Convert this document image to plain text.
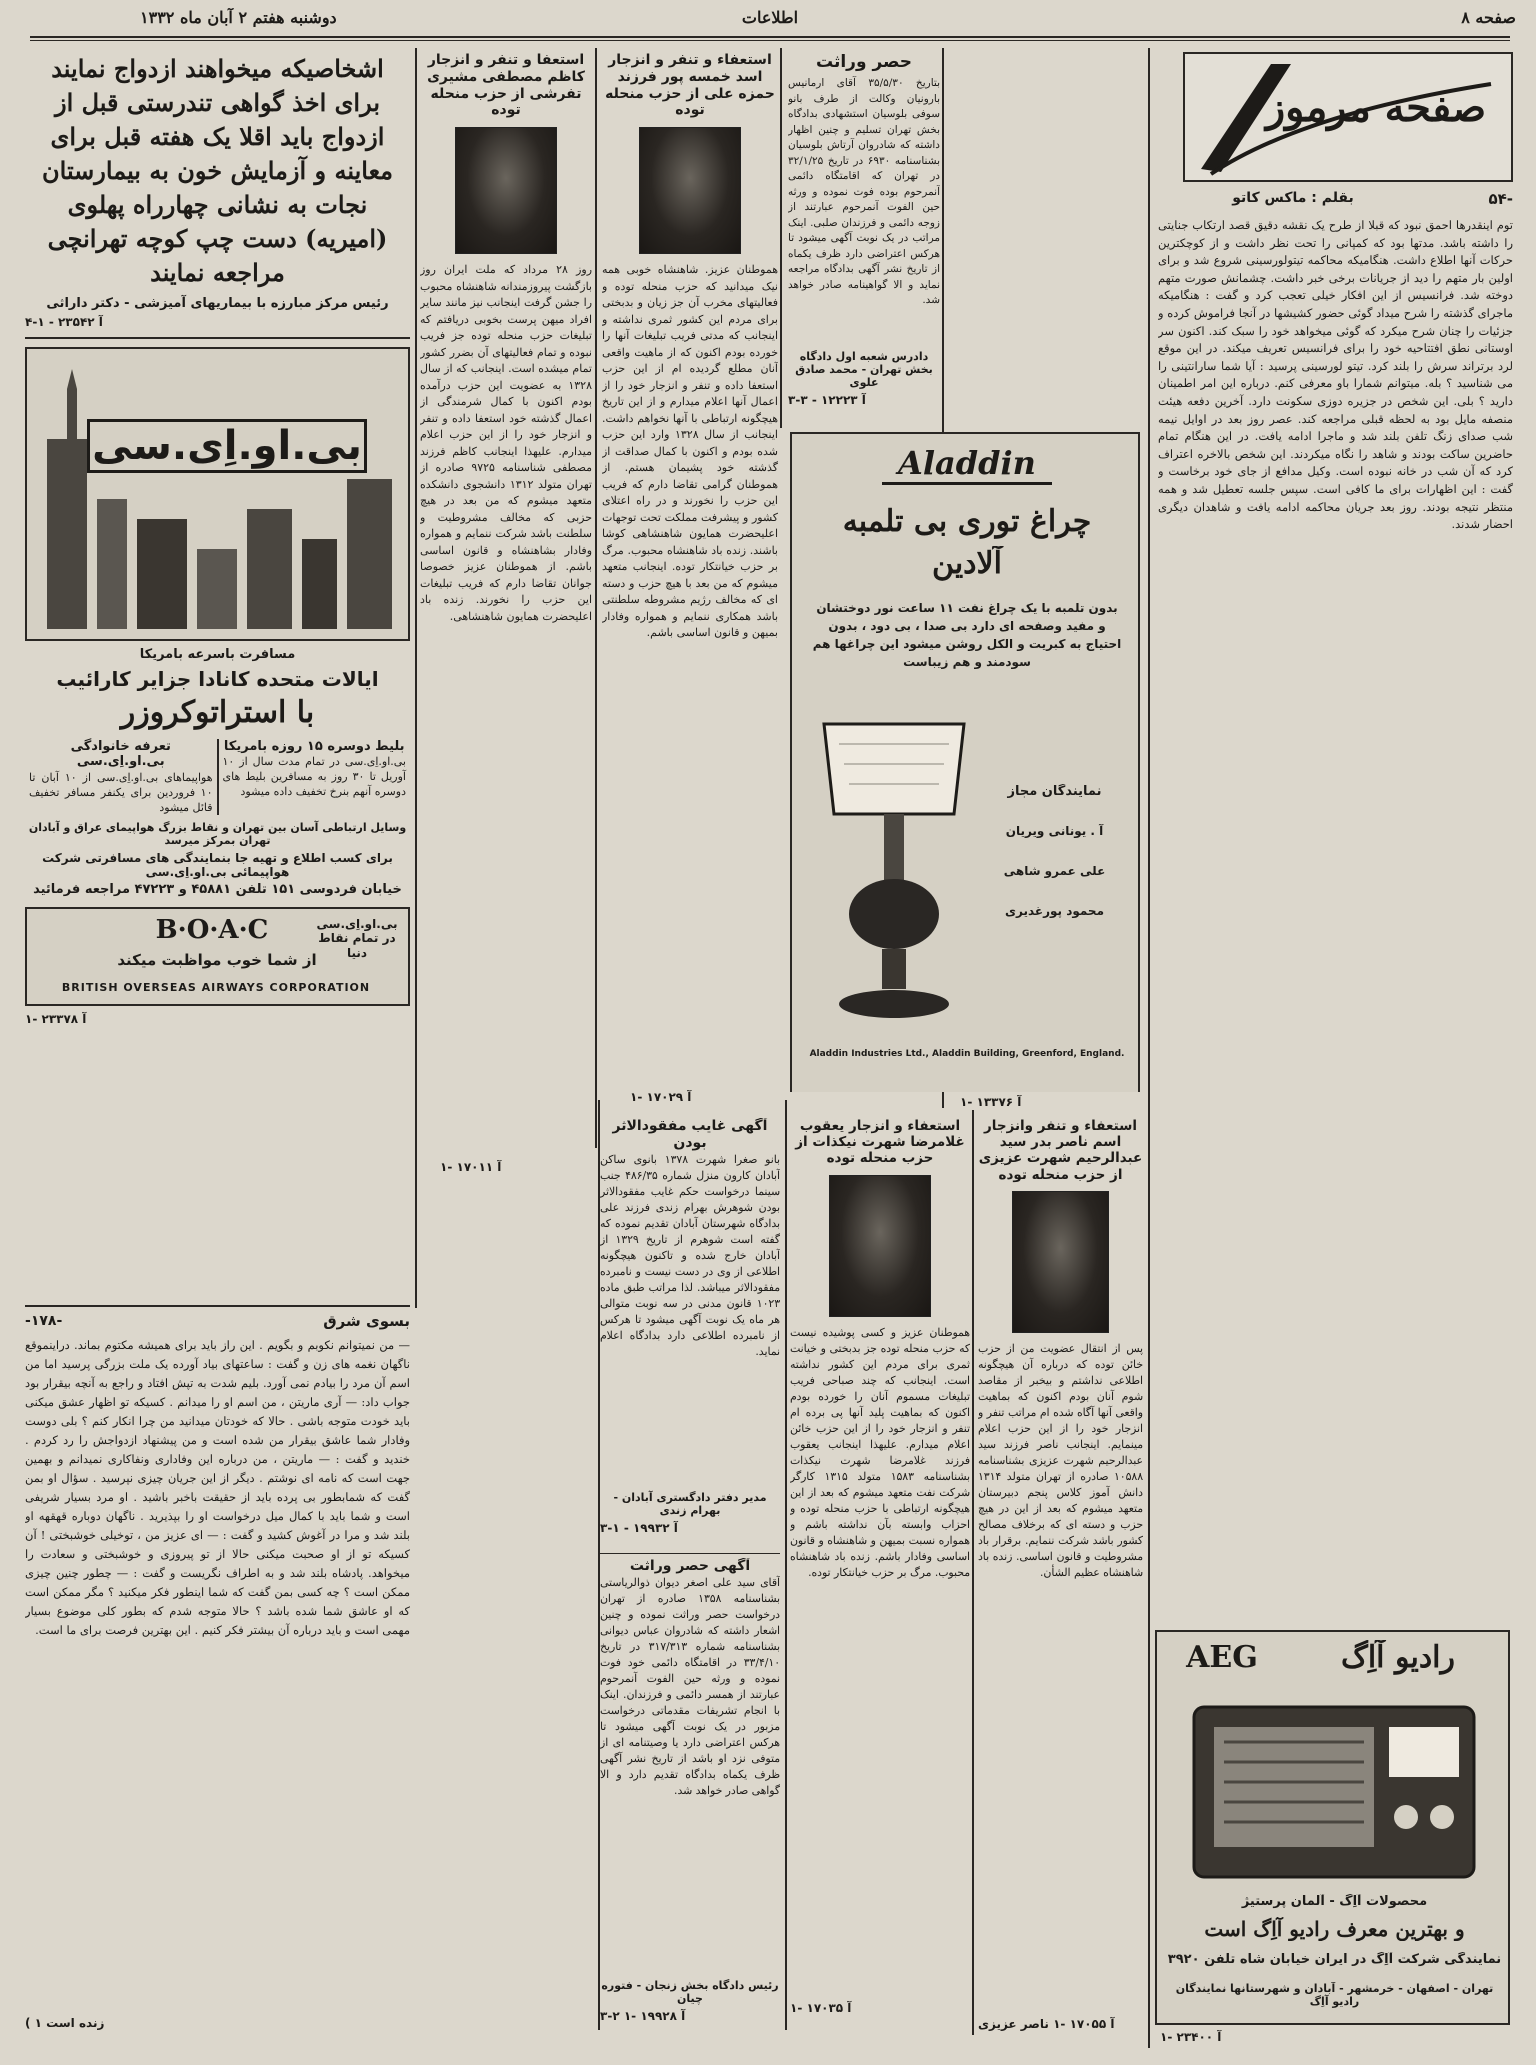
صفحه ۸
اطلاعات
دوشنبه هفتم ۲ آبان ماه ۱۳۳۲
صفحه مرموز
-۵۴
بقلم : ماکس کاتو
توم اینقدرها احمق نبود که قبلا از طرح یک نقشه دقیق قصد ارتکاب جنایتی را داشته باشد. مدتها بود که کمپانی را تحت نظر داشت و از کوچکترین حرکات آنها اطلاع داشت. هنگامیکه محاکمه تیتولورسینی شروع شد و برای اولین بار متهم را دید از جریانات برخی خبر داشت. چشمانش صورت متهم دوخته شد. فرانسیس از این افکار خیلی تعجب کرد و گفت : هنگامیکه ماجرای گذشته را شرح میداد گوئی حضور کشیشها در آنجا فراموش کرده و جزئیات را چنان شرح میکرد که گوئی میخواهد خود را سبک کند. اکنون سر اوستانی نطق افتتاحیه خود را برای فرانسیس تعریف میکند. در این موقع لرد برتراند سرش را بلند کرد. تیتو لورسینی پرسید : آیا شما سارانتینی را می شناسید ؟ بله. میتوانم شمارا باو معرفی کنم. درباره این امر اطمینان دارید ؟ بلی. این شخص در جزیره دوزی سکونت دارد. آخرین دفعه هیئت منصفه مایل بود به لحظه قبلی مراجعه کند. عصر روز بعد در اوایل نیمه شب صدای زنگ تلفن بلند شد و ماجرا ادامه یافت. در این هنگام تمام حاضرین ساکت بودند و شاهد را نگاه میکردند. این شخص بالاخره اعتراف کرد که آن شب در خانه نبوده است. وکیل مدافع از جای خود برخاست و گفت : این اظهارات برای ما کافی است. سپس جلسه تعطیل شد و همه منتظر نتیجه بودند. روز بعد جریان محاکمه ادامه یافت و شاهدان دیگری احضار شدند.
حصر وراثت
بتاریخ ۳۵/۵/۳۰ آقای ارمانیس بارونیان وکالت از طرف بانو سوفی بلوسیان استشهادی بدادگاه بخش تهران تسلیم و چنین اظهار داشته که شادروان آرتاش بلوسیان بشناسنامه ۶۹۳۰ در تاریخ ۳۲/۱/۲۵ در تهران که اقامتگاه دائمی آنمرحوم بوده فوت نموده و ورثه حین الفوت آنمرحوم عبارتند از زوجه دائمی و فرزندان صلبی. اینک مراتب در یک نوبت آگهی میشود تا هرکس اعتراضی دارد ظرف یکماه از تاریخ نشر آگهی بدادگاه مراجعه نماید و الا گواهینامه صادر خواهد شد.
دادرس شعبه اول دادگاه بخش تهران - محمد صادق علوی
آ ۱۲۲۲۳ - ۳-۳
استعفاء و تنفر و انزجار اسد خمسه پور فرزند حمزه علی از حزب منحله توده
هموطنان عزیز. شاهنشاه خوبی همه نیک میدانید که حزب منحله توده و فعالیتهای مخرب آن جز زیان و بدبختی برای مردم این کشور ثمری نداشته و اینجانب که مدتی فریب تبلیغات آنها را خورده بودم اکنون که از ماهیت واقعی آنان مطلع گردیده ام از این حزب استعفا داده و تنفر و انزجار خود را از اعمال آنها اعلام میدارم و از این تاریخ هیچگونه ارتباطی با آنها نخواهم داشت. اینجانب از سال ۱۳۲۸ وارد این حزب شده بودم و اکنون با کمال صداقت از گذشته خود پشیمان هستم. از هموطنان گرامی تقاضا دارم که فریب این حزب را نخورند و در راه اعتلای کشور و پیشرفت مملکت تحت توجهات اعلیحضرت همایون شاهنشاهی کوشا باشند. زنده باد شاهنشاه محبوب. مرگ بر حزب خیانتکار توده. اینجانب متعهد میشوم که من بعد با هیچ حزب و دسته ای که مخالف رژیم مشروطه سلطنتی باشد همکاری ننمایم و همواره وفادار بمیهن و قانون اساسی باشم.
آ ۱۷۰۲۹ -۱
استعفا و تنفر و انزجار کاظم مصطفی مشیری تفرشی از حزب منحله توده
روز ۲۸ مرداد که ملت ایران روز بازگشت پیروزمندانه شاهنشاه محبوب را جشن گرفت اینجانب نیز مانند سایر افراد میهن پرست بخوبی دریافتم که تبلیغات حزب منحله توده جز فریب نبوده و تمام فعالیتهای آن بضرر کشور تمام میشده است. اینجانب که از سال ۱۳۲۸ به عضویت این حزب درآمده بودم اکنون با کمال شرمندگی از اعمال گذشته خود استعفا داده و تنفر و انزجار خود را از این حزب اعلام میدارم. علیهذا اینجانب کاظم فرزند مصطفی شناسنامه ۹۷۲۵ صادره از تهران متولد ۱۳۱۲ دانشجوی دانشکده متعهد میشوم که من بعد در هیچ حزبی که مخالف مشروطیت و سلطنت باشد شرکت ننمایم و همواره وفادار بشاهنشاه و قانون اساسی باشم. از هموطنان عزیز خصوصا جوانان تقاضا دارم که فریب تبلیغات این حزب را نخورند. زنده باد اعلیحضرت همایون شاهنشاهی.
آ ۱۷۰۱۱ -۱
اشخاصیکه میخواهند ازدواج نمایند برای اخذ گواهی تندرستی قبل از ازدواج باید اقلا یک هفته قبل برای معاینه و آزمایش خون به بیمارستان نجات به نشانی چهارراه پهلوی (امیریه) دست چپ کوچه تهرانچی مراجعه نمایند
رئیس مرکز مبارزه با بیماریهای آمیزشی - دکتر داراثی
آ ۲۳۵۴۲ - ۱-۴
بی.او.اِی.سی
مسافرت باسرعه بامریکا
ایالات متحده کانادا جزایر کارائیب
با استراتوکروزر
بلیط دوسره ۱۵ روزه بامریکا
بی.او.اِی.سی در تمام مدت سال از ۱۰ آوریل تا ۳۰ روز به مسافرین بلیط های دوسره آنهم بنرخ تخفیف داده میشود
تعرفه خانوادگی بی.او.اِی.سی
هواپیماهای بی.او.اِی.سی از ۱۰ آبان تا ۱۰ فروردین برای یکنفر مسافر تخفیف قائل میشود
وسایل ارتباطی آسان بین تهران و نقاط بزرگ هواپیمای عراق و آبادان تهران بمرکز میرسد
برای کسب اطلاع و تهیه جا بنمایندگی های مسافرتی شرکت هواپیمائی بی.او.اِی.سی
خیابان فردوسی ۱۵۱ تلفن ۴۵۸۸۱ و ۴۷۲۲۳ مراجعه فرمائید
B·O·A·C	بی.او.اِی.سی در تمام نقاط دنیا
از شما خوب مواظبت میکند
BRITISH OVERSEAS AIRWAYS CORPORATION
آ ۲۳۳۷۸ -۱
بسوی شرق
-۱۷۸-
— من نمیتوانم نکوبم و بگویم . این راز باید برای همیشه مکتوم بماند. دراینموقع ناگهان نغمه های زن و گفت : ساعتهای بیاد آورده یک ملت بزرگی پرسید اما من اسم آن مرد را بیادم نمی آورد. بلیم شدت به تپش افتاد و راجع به آنچه بیقرار بود جواب داد: — آری ماریتن ، من اسم او را میدانم . کسیکه تو اظهار عشق میکنی باید خودت متوجه باشی . حالا که خودتان میدانید من چرا انکار کنم ؟ بلی دوست وفادار شما عاشق بیقرار من شده است و من پیشنهاد ازدواجش را رد کردم . خندید و گفت : — ماریتن ، من درباره این وفاداری ونفاکاری نمیدانم و بهمین جهت است که نامه ای نوشتم . دیگر از این جریان چیزی نپرسید . سؤال او بمن گفت که شمابطور بی پرده باید از حقیقت باخبر باشید . او مرد بسیار شریفی است و شما باید با کمال میل درخواست او را بپذیرید . ناگهان دوباره قهقهه او بلند شد و مرا در آغوش کشید و گفت : — ای عزیز من ، توخیلی خوشبختی ! آن کسیکه تو از او صحبت میکنی حالا از تو پیروزی و خوشبختی و سعادت را میخواهد. پادشاه بلند شد و به اطراف نگریست و گفت : — چطور چنین چیزی ممکن است ؟ چه کسی بمن گفت که شما اینطور فکر میکنید ؟ مگر ممکن است که او عاشق شما شده باشد ؟ حالا متوجه شدم که بطور کلی موضوع بسیار مهمی است و باید درباره آن بیشتر فکر کنیم . این بهترین فرصت برای ما است.
زنده است ۱ )
Aladdin
چراغ توری بی تلمبه
آلادین
بدون تلمبه با یک چراغ نفت ۱۱ ساعت نور دوختشان و مفید وصفحه ای دارد بی صدا ، بی دود ، بدون احتیاج به کبریت و الکل روشن میشود این چراغها هم سودمند و هم زیباست
نمایندگان مجاز
آ . یونانی ویریان
علی عمرو شاهی
محمود پورغدیری
Aladdin Industries Ltd., Aladdin Building, Greenford, England.
آ ۱۳۳۷۶ -۱
آگهی غایب مفقودالاثر بودن
بانو صغرا شهرت ۱۳۷۸ بانوی ساکن آبادان کارون منزل شماره ۴۸۶/۳۵ جنب سینما درخواست حکم غایب مفقودالاثر بودن شوهرش بهرام زندی فرزند علی بدادگاه شهرستان آبادان تقدیم نموده که گفته است شوهرم از تاریخ ۱۳۲۹ از آبادان خارج شده و تاکنون هیچگونه اطلاعی از وی در دست نیست و نامبرده مفقودالاثر میباشد. لذا مراتب طبق ماده ۱۰۲۳ قانون مدنی در سه نوبت متوالی هر ماه یک نوبت آگهی میشود تا هرکس از نامبرده اطلاعی دارد بدادگاه اعلام نماید.
مدیر دفتر دادگستری آبادان - بهرام زندی
آ ۱۹۹۳۲ - ۱-۳
آگهی حصر وراثت
آقای سید علی اصغر دیوان ذوالریاستی بشناسنامه ۱۳۵۸ صادره از تهران درخواست حصر وراثت نموده و چنین اشعار داشته که شادروان عباس دیوانی بشناسنامه شماره ۳۱۷/۳۱۳ در تاریخ ۳۳/۴/۱۰ در اقامتگاه دائمی خود فوت نموده و ورثه حین الفوت آنمرحوم عبارتند از همسر دائمی و فرزندان. اینک با انجام تشریفات مقدماتی درخواست مزبور در یک نوبت آگهی میشود تا هرکس اعتراضی دارد یا وصیتنامه ای از متوفی نزد او باشد از تاریخ نشر آگهی ظرف یکماه بدادگاه تقدیم دارد و الا گواهی صادر خواهد شد.
رئیس دادگاه بخش زنجان - فتوره چیان
آ ۱۹۹۲۸ -۱ ۲-۳
استعفاء و انزجار یعقوب غلامرضا شهرت نیکذات از حزب منحله توده
هموطنان عزیز و کسی پوشیده نیست که حزب منحله توده جز بدبختی و خیانت ثمری برای مردم این کشور نداشته است. اینجانب که چند صباحی فریب تبلیغات مسموم آنان را خورده بودم اکنون که بماهیت پلید آنها پی برده ام تنفر و انزجار خود را از این حزب خائن اعلام میدارم. علیهذا اینجانب یعقوب فرزند غلامرضا شهرت نیکذات بشناسنامه ۱۵۸۳ متولد ۱۳۱۵ کارگر شرکت نفت متعهد میشوم که بعد از این هیچگونه ارتباطی با حزب منحله توده و احزاب وابسته بآن نداشته باشم و همواره نسبت بمیهن و شاهنشاه و قانون اساسی وفادار باشم. زنده باد شاهنشاه محبوب. مرگ بر حزب خیانتکار توده.
آ ۱۷۰۳۵ -۱
استعفاء و تنفر وانزجار اسم ناصر بدر سید عبدالرحیم شهرت عزیزی از حزب منحله توده
پس از انتقال عضویت من از حزب خائن توده که درباره آن هیچگونه اطلاعی نداشتم و بیخبر از مقاصد شوم آنان بودم اکنون که بماهیت واقعی آنها آگاه شده ام مراتب تنفر و انزجار خود را از این حزب اعلام مینمایم. اینجانب ناصر فرزند سید عبدالرحیم شهرت عزیزی بشناسنامه ۱۰۵۸۸ صادره از تهران متولد ۱۳۱۴ دانش آموز کلاس پنجم دبیرستان متعهد میشوم که بعد از این در هیچ حزب و دسته ای که برخلاف مصالح کشور باشد شرکت ننمایم. برقرار باد مشروطیت و قانون اساسی. زنده باد شاهنشاه عظیم الشأن.
آ ۱۷۰۵۵ -۱ ناصر عزیزی
AEG	رادیو آاِگ
محصولات آاِگ - آلمان پرستیژ
و بهترین معرف رادیو آاِگ است
نمایندگی شرکت آاِگ در ایران خیابان شاه تلفن ۳۹۲۰
تهران - اصفهان - خرمشهر - آبادان و شهرستانها نمایندگان رادیو آاِگ
آ ۲۳۴۰۰ -۱
